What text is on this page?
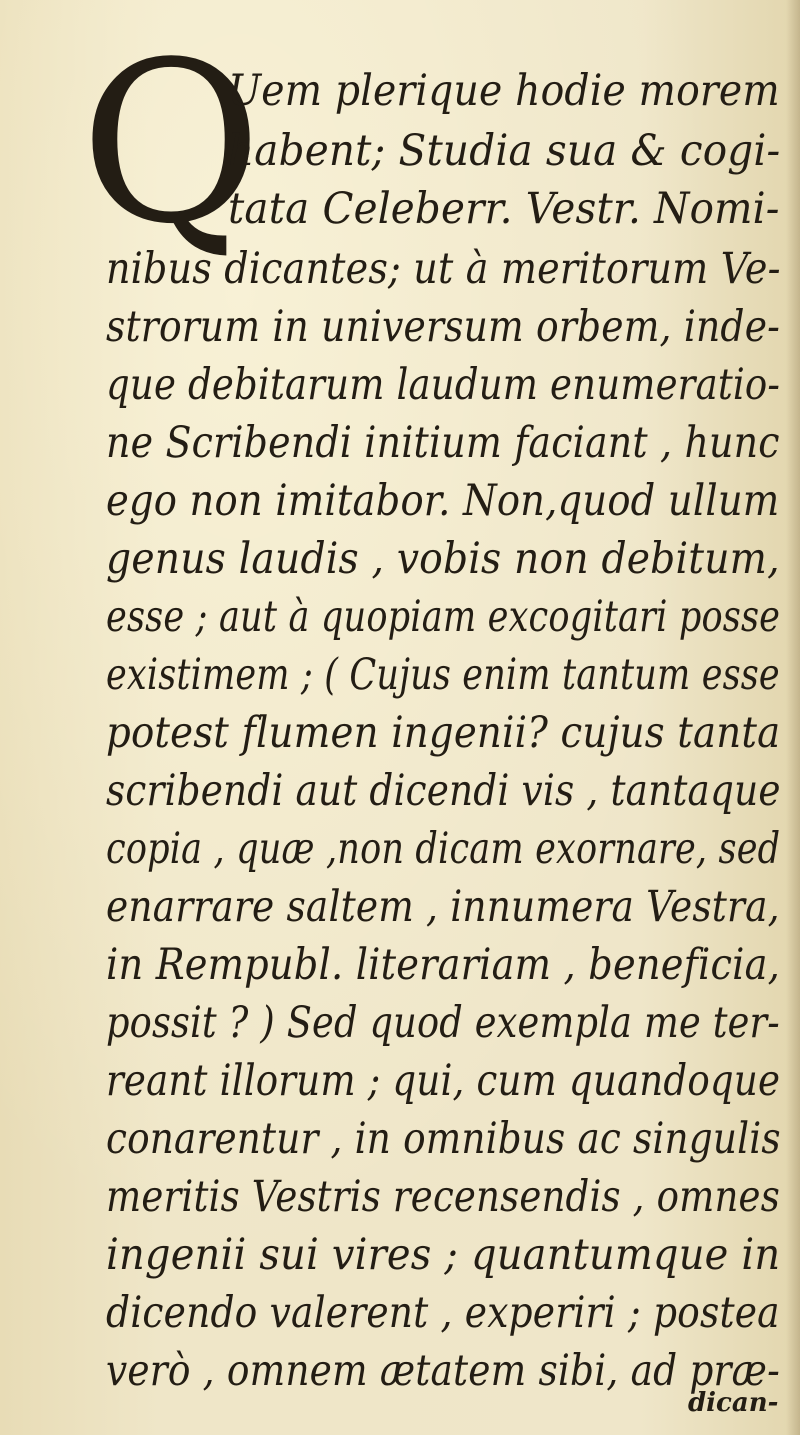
Q
Uem plerique hodie morem
habent; Studia sua & cogi-
tata Celeberr. Vestr. Nomi-
nibus dicantes; ut à meritorum Ve-
strorum in universum orbem, inde-
que debitarum laudum enumeratio-
ne Scribendi initium faciant , hunc
ego non imitabor. Non,quod ullum
genus laudis , vobis non debitum,
esse ; aut à quopiam excogitari posse
existimem ; ( Cujus enim tantum esse
potest flumen ingenii? cujus tanta
scribendi aut dicendi vis , tantaque
copia , quæ ,non dicam exornare, sed
enarrare saltem , innumera Vestra,
in Rempubl. literariam , beneficia,
possit ? ) Sed quod exempla me ter-
reant illorum ; qui, cum quandoque
conarentur , in omnibus ac singulis
meritis Vestris recensendis , omnes
ingenii sui vires ; quantumque in
dicendo valerent , experiri ; postea
verò , omnem ætatem sibi, ad præ-
dican-
